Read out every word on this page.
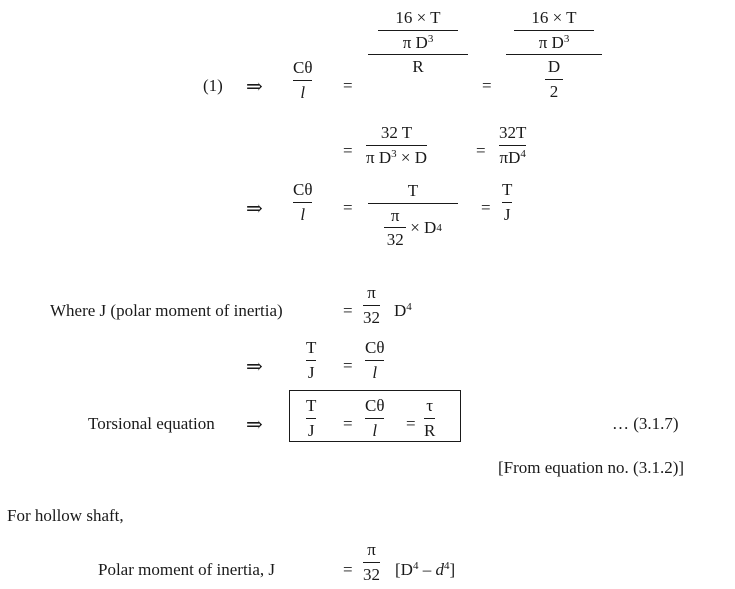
(1) ⇒
Cθ
l =
16 × T
π $D^3$
R
=
16 × T
π $D^3$
D
2
=
32 T
π $D^3 \times D$	=
32T
$\pi D^4$
⇒
Cθ
l =
T
π
32
× D 4
=
T
J
Where J (polar moment of inertia)	=
π
32 $D^4$
⇒
T
J =
Cθ
l
Torsional equation ⇒
T
J =
Cθ
l =
τ
R	… (3.1.7)
[From equation no. (3.1.2)]
For hollow shaft,
Polar moment of inertia, J	=
π
32 $[D^4 - d^4]$
